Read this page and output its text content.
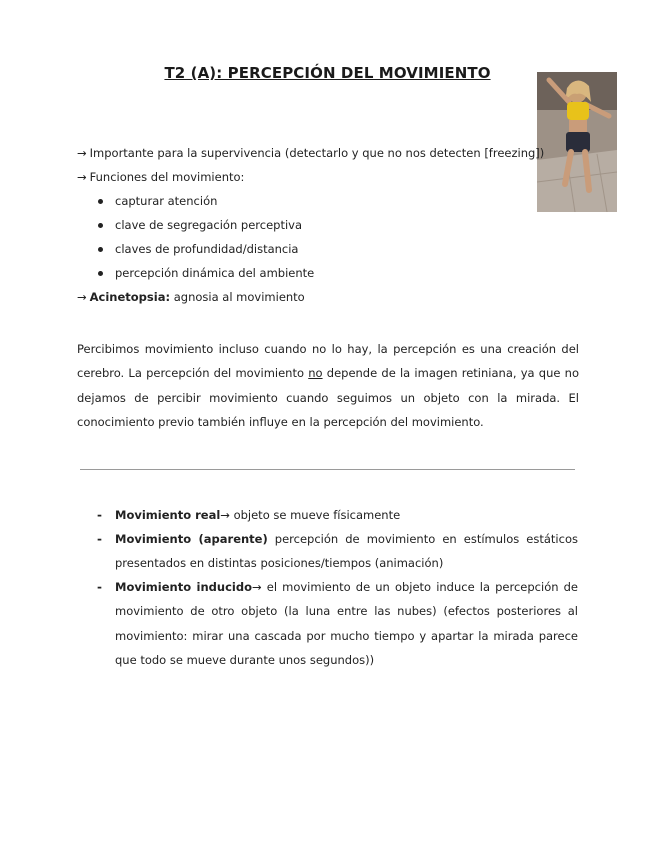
T2 (A): PERCEPCIÓN DEL MOVIMIENTO
→ Importante para la supervivencia (detectarlo y que no nos detecten [freezing])
→ Funciones del movimiento:
capturar atención
clave de segregación perceptiva
claves de profundidad/distancia
percepción dinámica del ambiente
→ Acinetopsia: agnosia al movimiento
Percibimos movimiento incluso cuando no lo hay, la percepción es una creación del cerebro. La percepción del movimiento no depende de la imagen retiniana, ya que no dejamos de percibir movimiento cuando seguimos un objeto con la mirada. El conocimiento previo también influye en la percepción del movimiento.
- Movimiento real→ objeto se mueve físicamente
- Movimiento (aparente) percepción de movimiento en estímulos estáticos presentados en distintas posiciones/tiempos (animación)
- Movimiento inducido→ el movimiento de un objeto induce la percepción de movimiento de otro objeto (la luna entre las nubes) (efectos posteriores al movimiento: mirar una cascada por mucho tiempo y apartar la mirada parece que todo se mueve durante unos segundos))
